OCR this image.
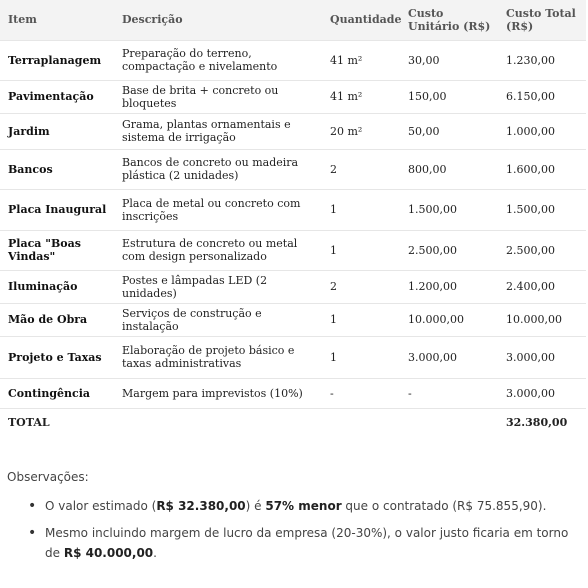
Item	Descrição	Quantidade	Custo Unitário (R$)	Custo Total (R$)
Terraplanagem	Preparação do terreno, compactação e nivelamento	41 m²	30,00	1.230,00
Pavimentação	Base de brita + concreto ou bloquetes	41 m²	150,00	6.150,00
Jardim	Grama, plantas ornamentais e sistema de irrigação	20 m²	50,00	1.000,00
Bancos	Bancos de concreto ou madeira plástica (2 unidades)	2	800,00	1.600,00
Placa Inaugural	Placa de metal ou concreto com inscrições	1	1.500,00	1.500,00
Placa "Boas Vindas"	Estrutura de concreto ou metal com design personalizado	1	2.500,00	2.500,00
Iluminação	Postes e lâmpadas LED (2 unidades)	2	1.200,00	2.400,00
Mão de Obra	Serviços de construção e instalação	1	10.000,00	10.000,00
Projeto e Taxas	Elaboração de projeto básico e taxas administrativas	1	3.000,00	3.000,00
Contingência	Margem para imprevistos (10%)	-	-	3.000,00
TOTAL				32.380,00
Observações:
• O valor estimado (R$ 32.380,00) é 57% menor que o contratado (R$ 75.855,90).
• Mesmo incluindo margem de lucro da empresa (20-30%), o valor justo ficaria em torno de R$ 40.000,00.
